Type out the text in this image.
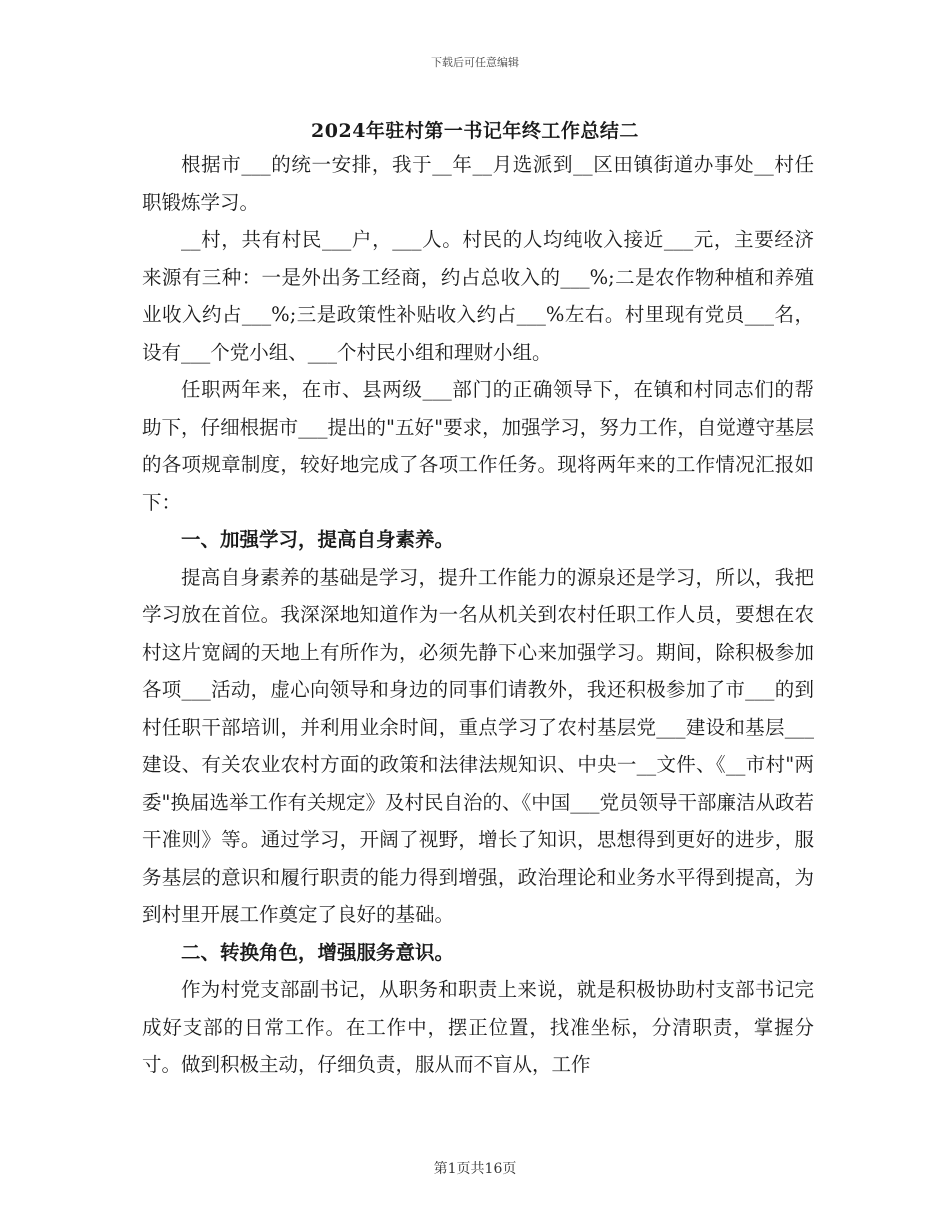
下载后可任意编辑
2024年驻村第一书记年终工作总结二

根据市___的统一安排，我于__年__月选派到__区田镇街道办事处__村任职锻炼学习。

__村，共有村民___户，___人。村民的人均纯收入接近___元，主要经济来源有三种：一是外出务工经商，约占总收入的___%;二是农作物种植和养殖业收入约占___%;三是政策性补贴收入约占___%左右。村里现有党员___名，设有___个党小组、___个村民小组和理财小组。

任职两年来，在市、县两级___部门的正确领导下，在镇和村同志们的帮助下，仔细根据市___提出的"五好"要求，加强学习，努力工作，自觉遵守基层的各项规章制度，较好地完成了各项工作任务。现将两年来的工作情况汇报如下：

一、加强学习，提高自身素养。

提高自身素养的基础是学习，提升工作能力的源泉还是学习，所以，我把学习放在首位。我深深地知道作为一名从机关到农村任职工作人员，要想在农村这片宽阔的天地上有所作为，必须先静下心来加强学习。期间，除积极参加各项___活动，虚心向领导和身边的同事们请教外，我还积极参加了市___的到村任职干部培训，并利用业余时间，重点学习了农村基层党___建设和基层___建设、有关农业农村方面的政策和法律法规知识、中央一__文件、《__市村"两委"换届选举工作有关规定》及村民自治的、《中国___党员领导干部廉洁从政若干准则》等。通过学习，开阔了视野，增长了知识，思想得到更好的进步，服务基层的意识和履行职责的能力得到增强，政治理论和业务水平得到提高，为到村里开展工作奠定了良好的基础。

二、转换角色，增强服务意识。

作为村党支部副书记，从职务和职责上来说，就是积极协助村支部书记完成好支部的日常工作。在工作中，摆正位置，找准坐标，分清职责，掌握分寸。做到积极主动，仔细负责，服从而不盲从，工作

第1页共16页
